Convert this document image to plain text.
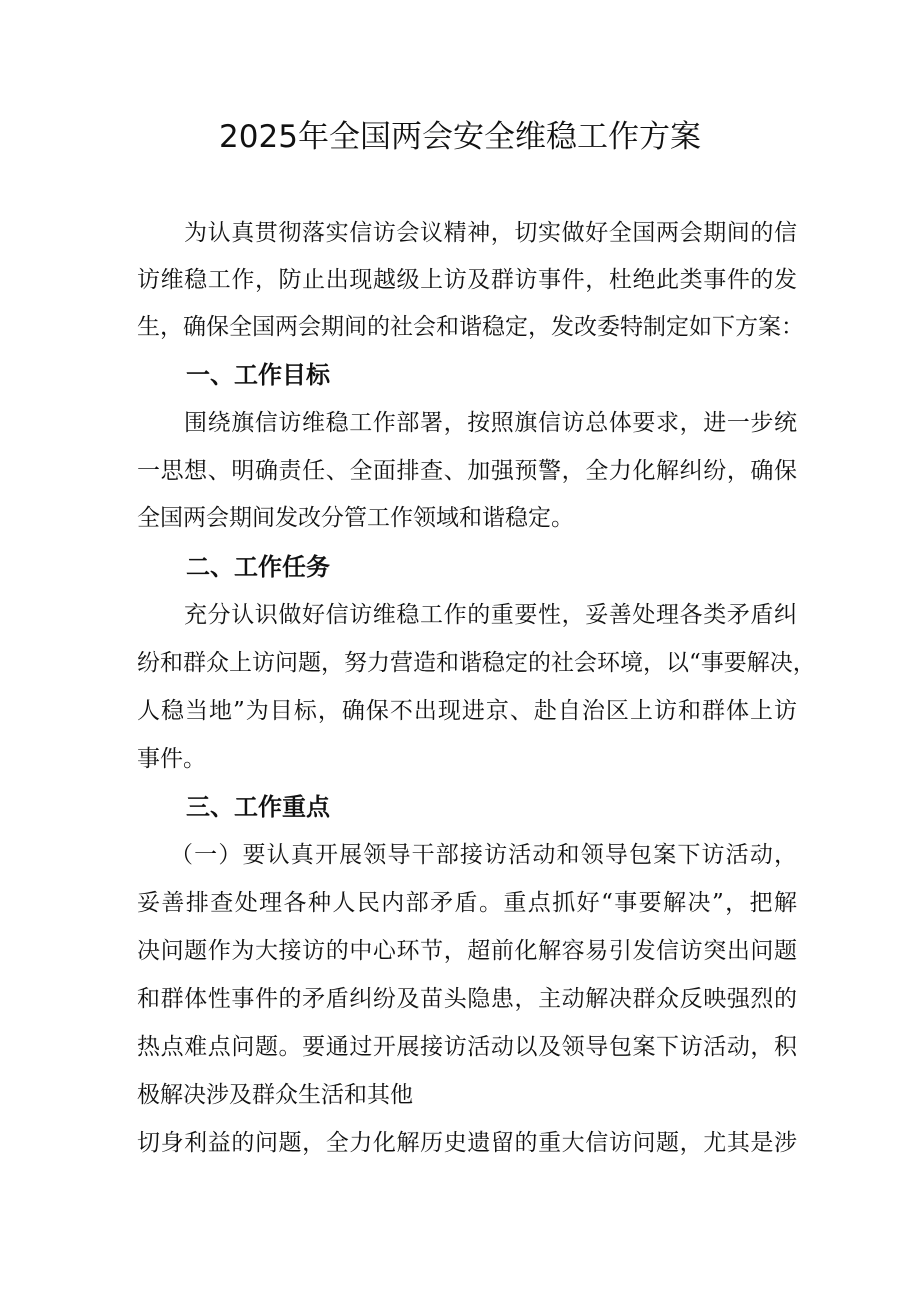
2025年全国两会安全维稳工作方案

为认真贯彻落实信访会议精神，切实做好全国两会期间的信

访维稳工作，防止出现越级上访及群访事件，杜绝此类事件的发

生，确保全国两会期间的社会和谐稳定，发改委特制定如下方案：

一、工作目标

围绕旗信访维稳工作部署，按照旗信访总体要求，进一步统

一思想、明确责任、全面排查、加强预警，全力化解纠纷，确保

全国两会期间发改分管工作领域和谐稳定。

二、工作任务

充分认识做好信访维稳工作的重要性，妥善处理各类矛盾纠

纷和群众上访问题，努力营造和谐稳定的社会环境，以“事要解决，

人稳当地”为目标，确保不出现进京、赴自治区上访和群体上访

事件。

三、工作重点

（一）要认真开展领导干部接访活动和领导包案下访活动，

妥善排查处理各种人民内部矛盾。重点抓好“事要解决”，把解

决问题作为大接访的中心环节，超前化解容易引发信访突出问题

和群体性事件的矛盾纠纷及苗头隐患，主动解决群众反映强烈的

热点难点问题。要通过开展接访活动以及领导包案下访活动，积

极解决涉及群众生活和其他

切身利益的问题，全力化解历史遗留的重大信访问题，尤其是涉
